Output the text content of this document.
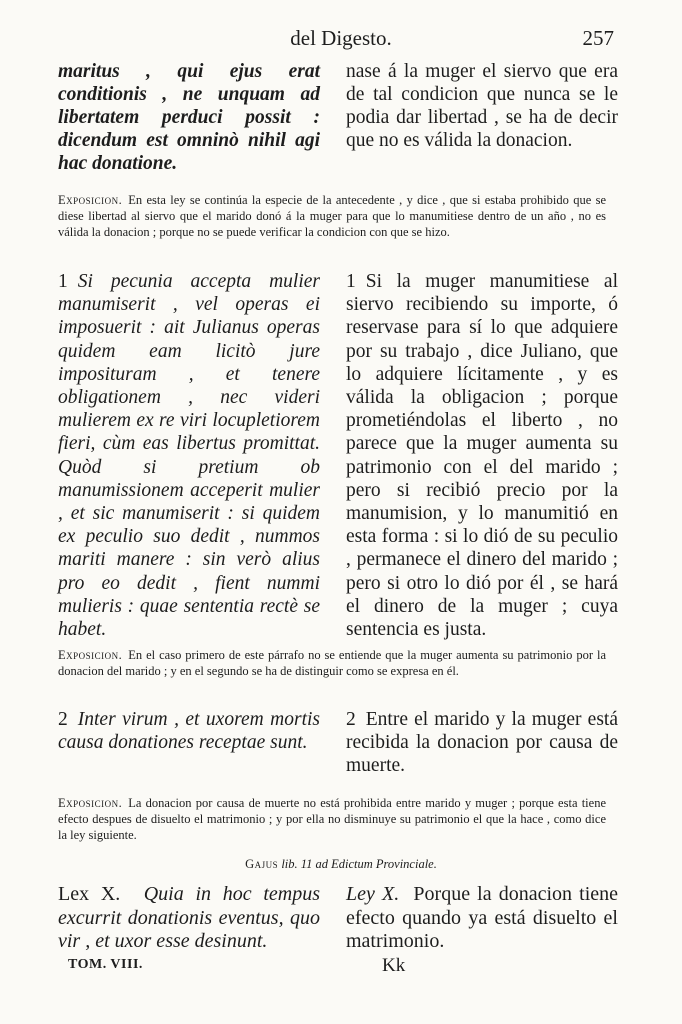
del Digesto.	257

maritus , qui ejus erat conditionis , ne unquam ad libertatem perduci possit : dicendum est omninò nihil agi hac donatione.

nase á la muger el siervo que era de tal condicion que nunca se le podia dar libertad , se ha de decir que no es válida la donacion.

Exposicion. En esta ley se continúa la especie de la antecedente , y dice , que si estaba prohibido que se diese libertad al siervo que el marido donó á la muger para que lo manumitiese dentro de un año , no es válida la donacion ; porque no se puede verificar la condicion con que se hizo.

1 Si pecunia accepta mulier manumiserit , vel operas ei imposuerit : ait Julianus operas quidem eam licitò jure imposituram , et tenere obligationem , nec videri mulierem ex re viri locupletiorem fieri, cùm eas libertus promittat. Quòd si pretium ob manumissionem acceperit mulier , et sic manumiserit : si quidem ex peculio suo dedit , nummos mariti manere : sin verò alius pro eo dedit , fient nummi mulieris : quae sententia rectè se habet.

1 Si la muger manumitiese al siervo recibiendo su importe, ó reservase para sí lo que adquiere por su trabajo , dice Juliano, que lo adquiere lícitamente , y es válida la obligacion ; porque prometiéndolas el liberto , no parece que la muger aumenta su patrimonio con el del marido ; pero si recibió precio por la manumision, y lo manumitió en esta forma : si lo dió de su peculio , permanece el dinero del marido ; pero si otro lo dió por él , se hará el dinero de la muger ; cuya sentencia es justa.

Exposicion. En el caso primero de este párrafo no se entiende que la muger aumenta su patrimonio por la donacion del marido ; y en el segundo se ha de distinguir como se expresa en él.

2 Inter virum , et uxorem mortis causa donationes receptae sunt.

2 Entre el marido y la muger está recibida la donacion por causa de muerte.

Exposicion. La donacion por causa de muerte no está prohibida entre marido y muger ; porque esta tiene efecto despues de disuelto el matrimonio ; y por ella no disminuye su patrimonio el que la hace , como dice la ley siguiente.
Gajus lib. 11 ad Edictum Provinciale.

Lex X. Quia in hoc tempus excurrit donationis eventus, quo vir , et uxor esse desinunt.

Ley X. Porque la donacion tiene efecto quando ya está disuelto el matrimonio.

TOM. VIII.	Kk
